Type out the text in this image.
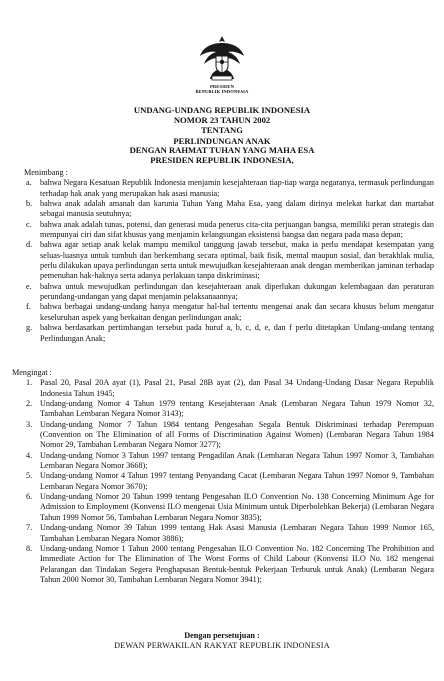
PRESIDEN
REPUBLIK INDONESIA
UNDANG-UNDANG REPUBLIK INDONESIA
NOMOR 23 TAHUN 2002
TENTANG
PERLINDUNGAN ANAK
DENGAN RAHMAT TUHAN YANG MAHA ESA
PRESIDEN REPUBLIK INDONESIA,

Menimbang :

a. bahwa Negara Kesatuan Republik Indonesia menjamin kesejahteraan tiap-tiap warga negaranya, termasuk perlindungan terhadap hak anak yang merupakan hak asasi manusia;
b. bahwa anak adalah amanah dan karunia Tuhan Yang Maha Esa, yang dalam dirinya melekat harkat dan martabat sebagai manusia seutuhnya;
c. bahwa anak adalah tunas, potensi, dan generasi muda penerus cita-cita perjuangan bangsa, memiliki peran strategis dan mempunyai ciri dan sifat khusus yang menjamin kelangsungan eksistensi bangsa dan negara pada masa depan;
d. bahwa agar setiap anak kelak mampu memikul tanggung jawab tersebut, maka ia perlu mendapat kesempatan yang seluas-luasnya untuk tumbuh dan berkembang secara optimal, baik fisik, mental maupun sosial, dan berakhlak mulia, perlu dilakukan upaya perlindungan serta untuk mewujudkan kesejahteraan anak dengan memberikan jaminan terhadap pemenuhan hak-haknya serta adanya perlakuan tanpa diskriminasi;
e. bahwa untuk mewujudkan perlindungan dan kesejahteraan anak diperlukan dukungan kelembagaan dan peraturan perundang-undangan yang dapat menjamin pelaksanaannya;
f. bahwa berbagai undang-undang hanya mengatur hal-hal tertentu mengenai anak dan secara khusus belum mengatur keseluruhan aspek yang berkaitan dengan perlindungan anak;
g. bahwa berdasarkan pertimbangan tersebut pada huruf a, b, c, d, e, dan f perlu ditetapkan Undang-undang tentang Perlindungan Anak;

Mengingat :

1. Pasal 20, Pasal 20A ayat (1), Pasal 21, Pasal 28B ayat (2), dan Pasal 34 Undang-Undang Dasar Negara Republik Indonesia Tahun 1945;
2. Undang-undang Nomor 4 Tahun 1979 tentang Kesejahteraan Anak (Lembaran Negara Tahun 1979 Nomor 32, Tambahan Lembaran Negara Nomor 3143);
3. Undang-undang Nomor 7 Tahun 1984 tentang Pengesahan Segala Bentuk Diskriminasi terhadap Perempuan (Convention on The Elimination of all Forms of Discrimination Against Women) (Lembaran Negara Tahun 1984 Nomor 29, Tambahan Lembaran Negara Nomor 3277);
4. Undang-undang Nomor 3 Tahun 1997 tentang Pengadilan Anak (Lembaran Negara Tahun 1997 Nomor 3, Tambahan Lembaran Negara Nomor 3668);
5. Undang-undang Nomor 4 Tahun 1997 tentang Penyandang Cacat (Lembaran Negara Tahun 1997 Nomor 9, Tambahan Lembaran Negara Nomor 3670);
6. Undang-undang Nomor 20 Tahun 1999 tentang Pengesahan ILO Convention No. 138 Concerning Minimum Age for Admission to Employment (Konvensi ILO mengenai Usia Minimum untuk Diperbolehkan Bekerja) (Lembaran Negara Tahun 1999 Nomor 56, Tambahan Lembaran Negara Nomor 3835);
7. Undang-undang Nomor 39 Tahun 1999 tentang Hak Asasi Manusia (Lembaran Negara Tahun 1999 Nomor 165, Tambahan Lembaran Negara Nomor 3886);
8. Undang-undang Nomor 1 Tahun 2000 tentang Pengesahan ILO Convention No. 182 Concerning The Prohibition and Immediate Action for The Elimination of The Worst Forms of Child Labour (Konvensi ILO No. 182 mengenai Pelarangan dan Tindakan Segera Penghapusan Bentuk-bentuk Pekerjaan Terburuk untuk Anak) (Lembaran Negara Tahun 2000 Nomor 30, Tambahan Lembaran Negara Nomor 3941);
Dengan persetujuan :
DEWAN PERWAKILAN RAKYAT REPUBLIK INDONESIA
